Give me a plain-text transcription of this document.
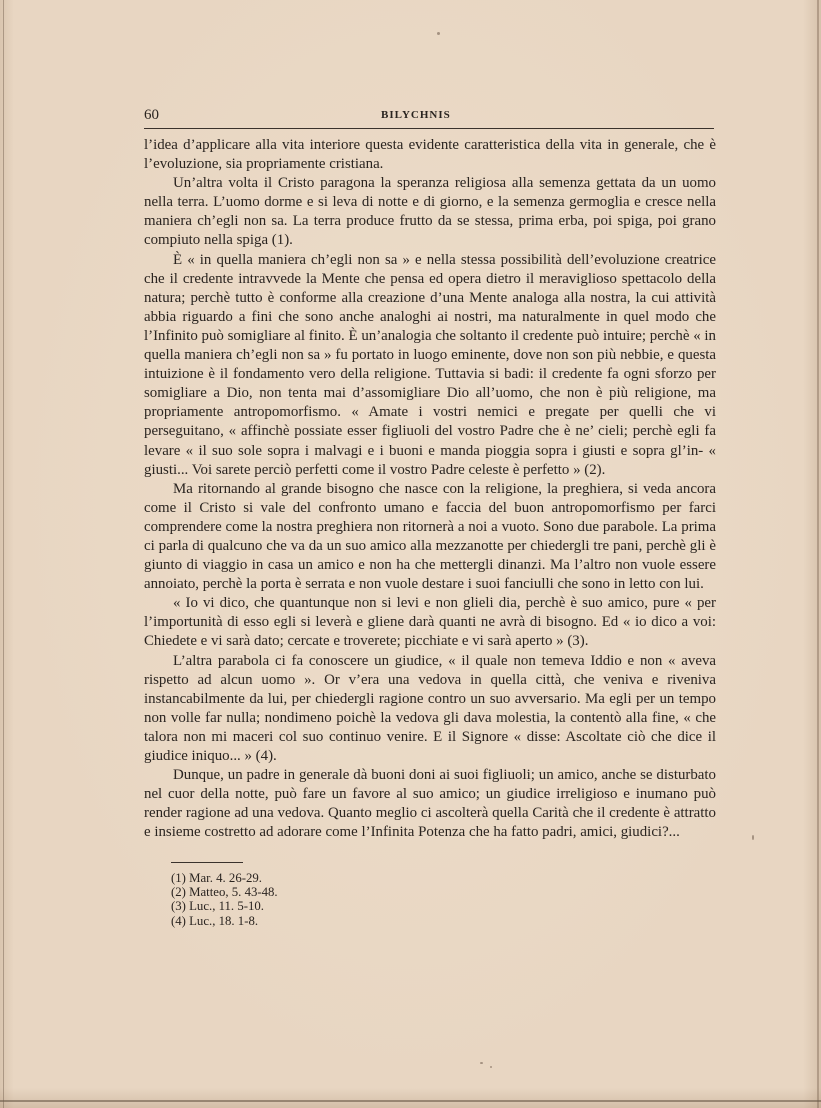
60	BILYCHNIS

l’idea d’applicare alla vita interiore questa evidente caratteristica della vita in generale, che è l’evoluzione, sia propriamente cristiana.

Un’altra volta il Cristo paragona la speranza religiosa alla semenza gettata da un uomo nella terra. L’uomo dorme e si leva di notte e di giorno, e la semenza germoglia e cresce nella maniera ch’egli non sa. La terra produce frutto da se stessa, prima erba, poi spiga, poi grano compiuto nella spiga (1).

È « in quella maniera ch’egli non sa » e nella stessa possibilità dell’evoluzione creatrice che il credente intravvede la Mente che pensa ed opera dietro il meraviglioso spettacolo della natura; perchè tutto è conforme alla creazione d’una Mente analoga alla nostra, la cui attività abbia riguardo a fini che sono anche analoghi ai nostri, ma naturalmente in quel modo che l’Infinito può somigliare al finito. È un’analogia che soltanto il credente può intuire; perchè « in quella maniera ch’egli non sa » fu portato in luogo eminente, dove non son più nebbie, e questa intuizione è il fondamento vero della religione. Tuttavia si badi: il credente fa ogni sforzo per somigliare a Dio, non tenta mai d’assomigliare Dio all’uomo, che non è più religione, ma propriamente antropomorfismo. « Amate i vostri nemici e pregate per quelli che vi perseguitano, « affinchè possiate esser figliuoli del vostro Padre che è ne’ cieli; perchè egli fa levare « il suo sole sopra i malvagi e i buoni e manda pioggia sopra i giusti e sopra gl’in- « giusti... Voi sarete perciò perfetti come il vostro Padre celeste è perfetto » (2).

Ma ritornando al grande bisogno che nasce con la religione, la preghiera, si veda ancora come il Cristo si vale del confronto umano e faccia del buon antropomorfismo per farci comprendere come la nostra preghiera non ritornerà a noi a vuoto. Sono due parabole. La prima ci parla di qualcuno che va da un suo amico alla mezzanotte per chiedergli tre pani, perchè gli è giunto di viaggio in casa un amico e non ha che mettergli dinanzi. Ma l’altro non vuole essere annoiato, perchè la porta è serrata e non vuole destare i suoi fanciulli che sono in letto con lui.

« Io vi dico, che quantunque non si levi e non glieli dia, perchè è suo amico, pure « per l’importunità di esso egli si leverà e gliene darà quanti ne avrà di bisogno. Ed « io dico a voi: Chiedete e vi sarà dato; cercate e troverete; picchiate e vi sarà aperto » (3).

L’altra parabola ci fa conoscere un giudice, « il quale non temeva Iddio e non « aveva rispetto ad alcun uomo ». Or v’era una vedova in quella città, che veniva e riveniva instancabilmente da lui, per chiedergli ragione contro un suo avversario. Ma egli per un tempo non volle far nulla; nondimeno poichè la vedova gli dava molestia, la contentò alla fine, « che talora non mi maceri col suo continuo venire. E il Signore « disse: Ascoltate ciò che dice il giudice iniquo... » (4).

Dunque, un padre in generale dà buoni doni ai suoi figliuoli; un amico, anche se disturbato nel cuor della notte, può fare un favore al suo amico; un giudice irreligioso e inumano può render ragione ad una vedova. Quanto meglio ci ascolterà quella Carità che il credente è attratto e insieme costretto ad adorare come l’Infinita Potenza che ha fatto padri, amici, giudici?...

(1) Mar. 4. 26-29.
(2) Matteo, 5. 43-48.
(3) Luc., 11. 5-10.
(4) Luc., 18. 1-8.
